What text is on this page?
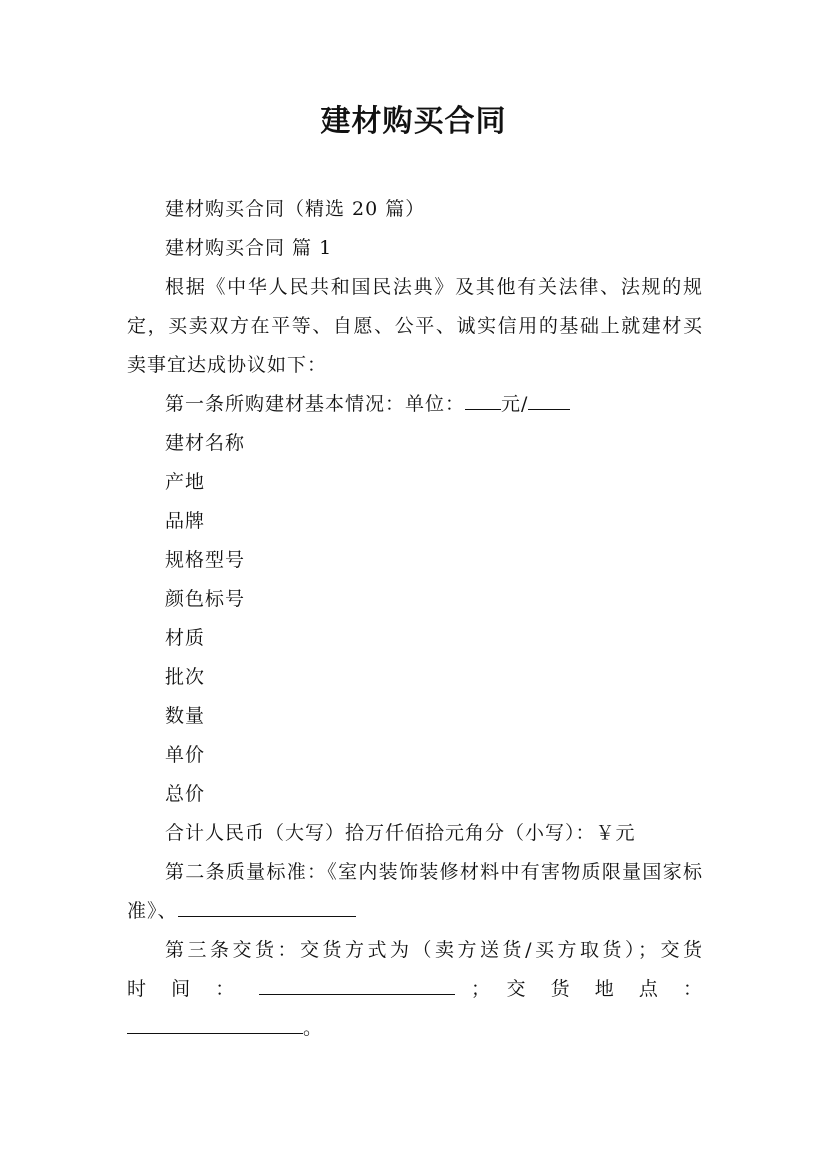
建材购买合同

建材购买合同（精选 20 篇）

建材购买合同 篇 1

根据《中华人民共和国民法典》及其他有关法律、法规的规定，买卖双方在平等、自愿、公平、诚实信用的基础上就建材买卖事宜达成协议如下：

第一条所购建材基本情况：单位： 元/

建材名称

产地

品牌

规格型号

颜色标号

材质

批次

数量

单价

总价

合计人民币（大写）拾万仟佰拾元角分（小写）：￥元

第二条质量标准：《室内装饰装修材料中有害物质限量国家标准》、

第三条交货：交货方式为（卖方送货/买方取货）；交货

时 间 ：	； 交 货 地 点 ：

。
